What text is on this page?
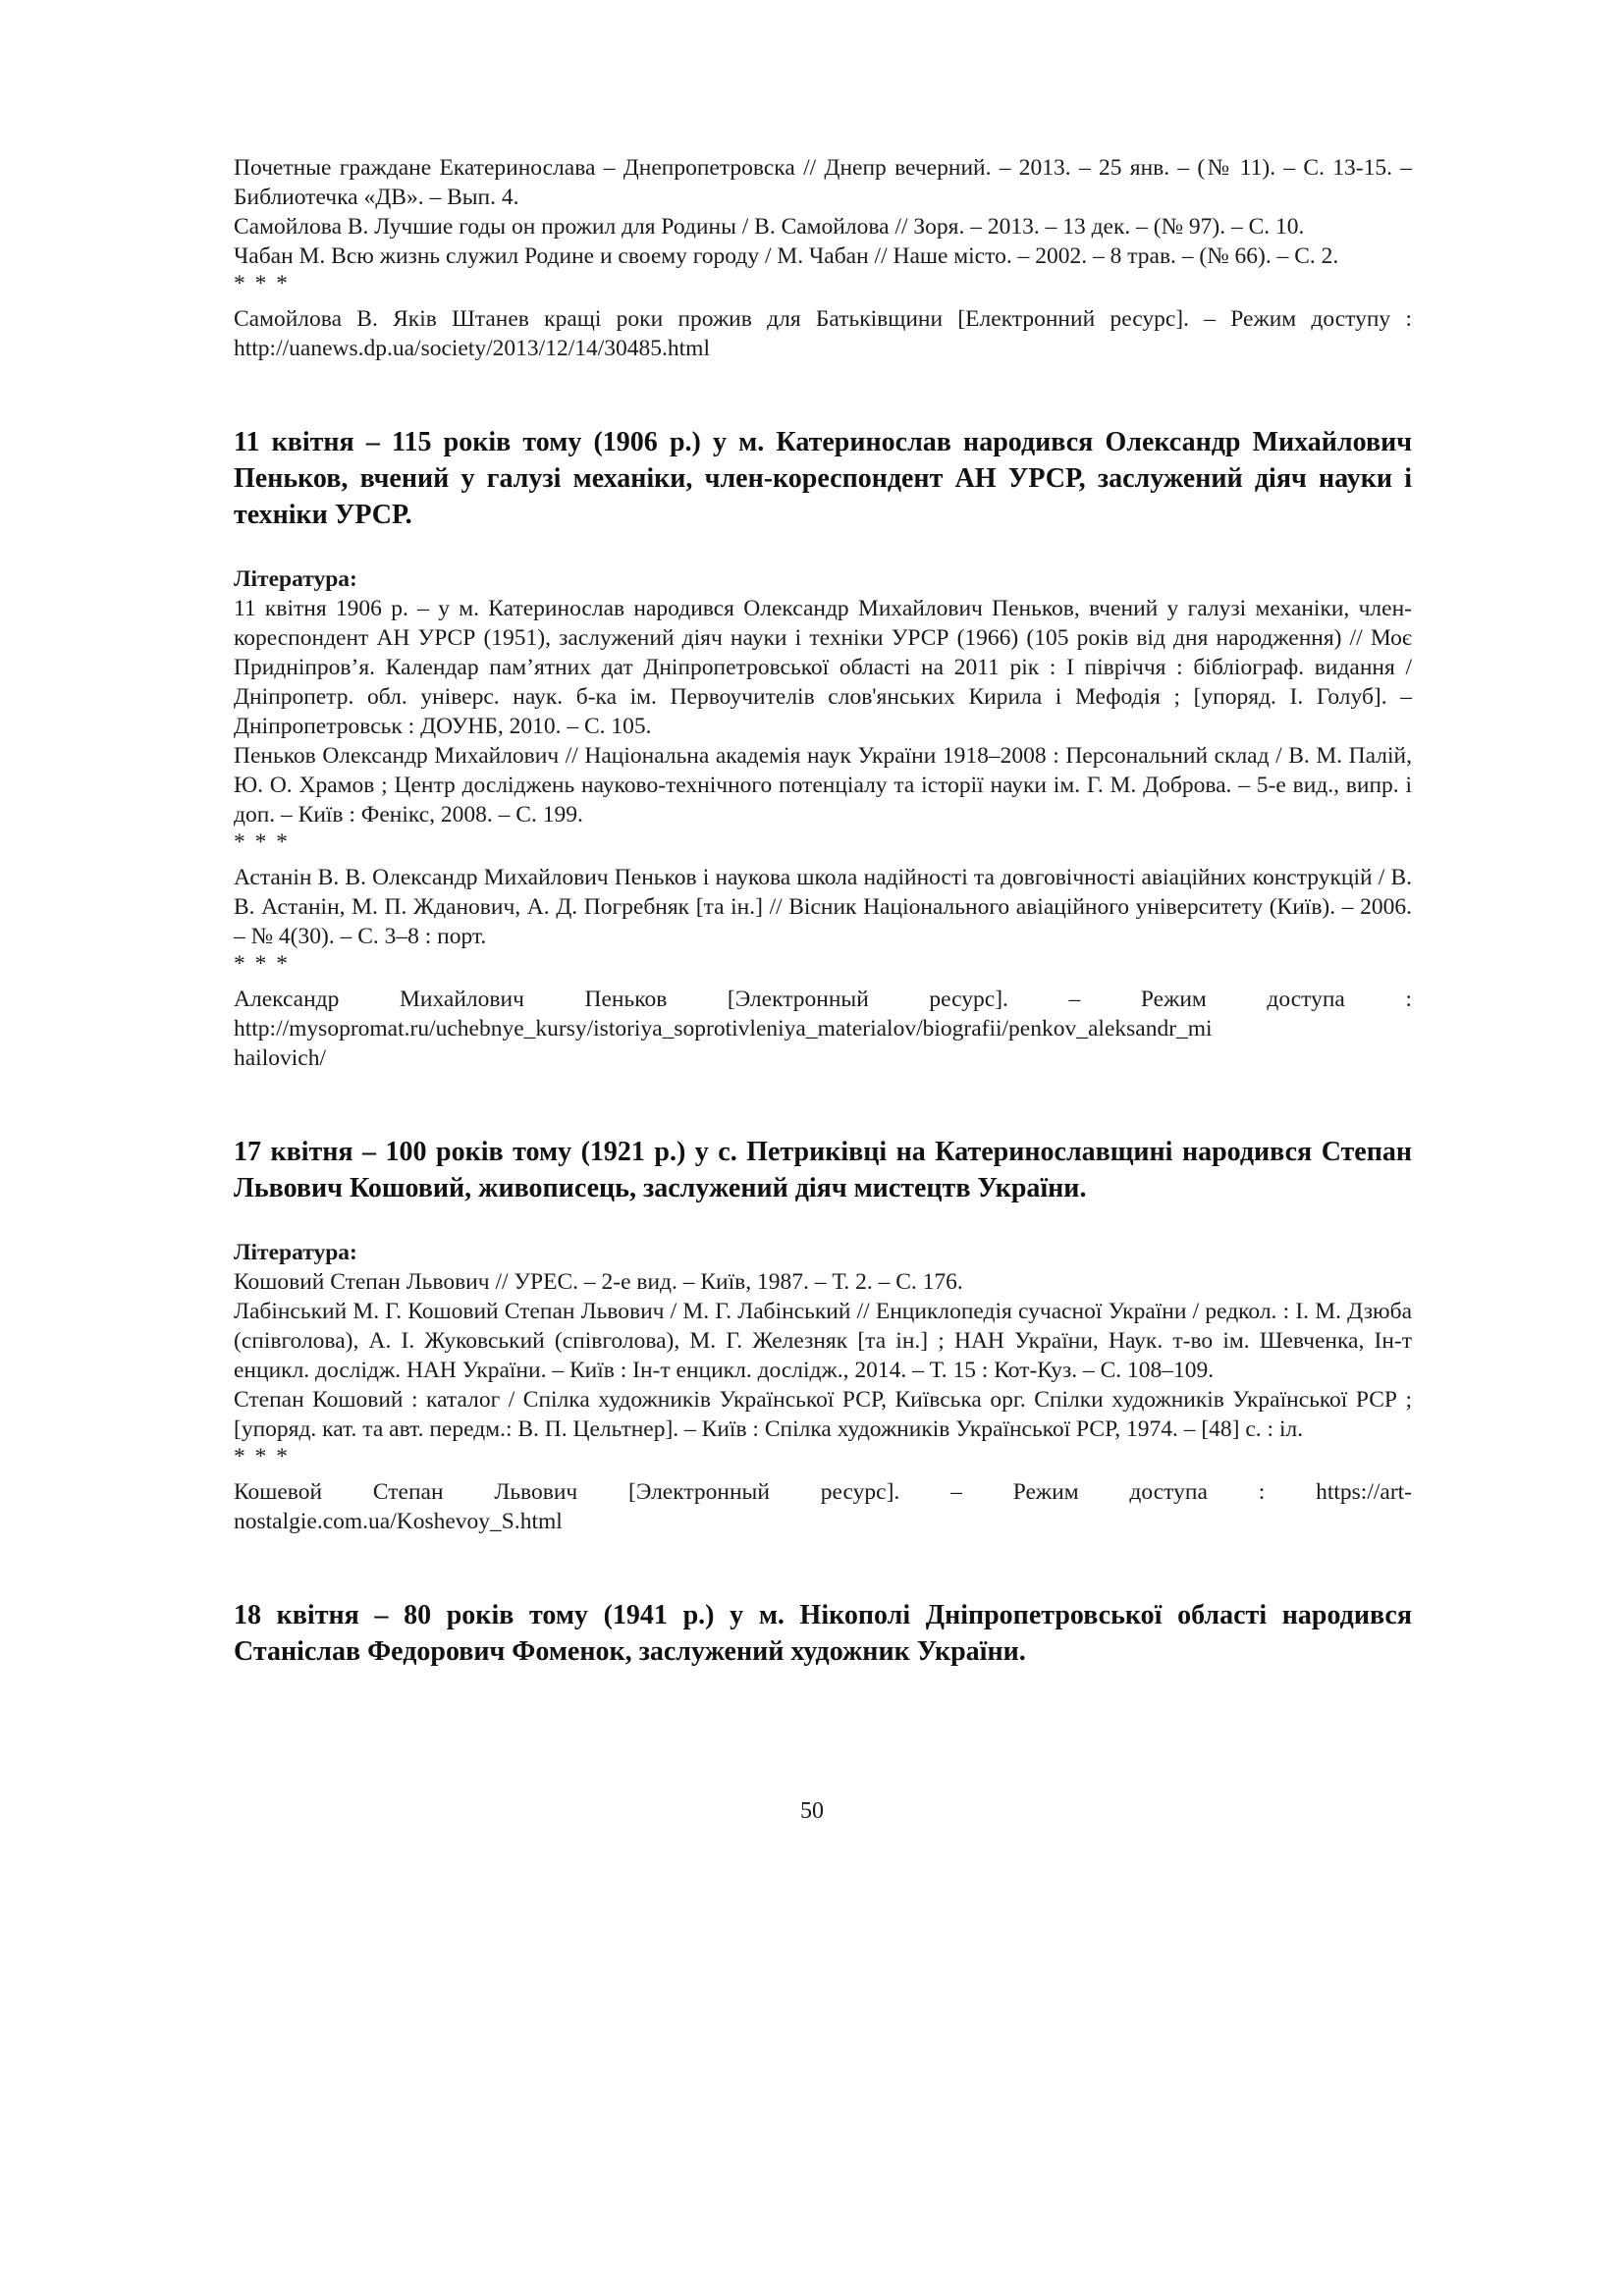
Почетные граждане Екатеринослава – Днепропетровска // Днепр вечерний. – 2013. – 25 янв. – (№ 11). – С. 13-15. – Библиотечка «ДВ». – Вып. 4.

Самойлова В. Лучшие годы он прожил для Родины / В. Самойлова // Зоря. – 2013. – 13 дек. – (№ 97). – С. 10.

Чабан М. Всю жизнь служил Родине и своему городу / М. Чабан // Наше місто. – 2002. – 8 трав. – (№ 66). – С. 2.

* * *

Самойлова В. Яків Штанев кращі роки прожив для Батьківщини [Електронний ресурс]. – Режим доступу : http://uanews.dp.ua/society/2013/12/14/30485.html

11 квітня – 115 років тому (1906 р.) у м. Катеринослав народився Олександр Михайлович Пеньков, вчений у галузі механіки, член-кореспондент АН УРСР, заслужений діяч науки і техніки УРСР.

Література:

11 квітня 1906 р. – у м. Катеринослав народився Олександр Михайлович Пеньков, вчений у галузі механіки, член-кореспондент АН УРСР (1951), заслужений діяч науки і техніки УРСР (1966) (105 років від дня народження) // Моє Придніпров’я. Календар пам’ятних дат Дніпропетровської області на 2011 рік : І півріччя : бібліограф. видання / Дніпропетр. обл. універс. наук. б-ка ім. Первоучителів слов'янських Кирила і Мефодія ; [упоряд. І. Голуб]. – Дніпропетровськ : ДОУНБ, 2010. – С. 105.

Пеньков Олександр Михайлович // Національна академія наук України 1918–2008 : Персональний склад / В. М. Палій, Ю. О. Храмов ; Центр досліджень науково-технічного потенціалу та історії науки ім. Г. М. Доброва. – 5-е вид., випр. і доп. – Київ : Фенікс, 2008. – С. 199.

* * *

Астанін В. В. Олександр Михайлович Пеньков і наукова школа надійності та довговічності авіаційних конструкцій / В. В. Астанін, М. П. Жданович, А. Д. Погребняк [та ін.] // Вісник Національного авіаційного університету (Київ). – 2006. – № 4(30). – С. 3–8 : порт.

* * *

Александр Михайлович Пеньков [Электронный ресурс]. – Режим доступа :

http://mysopromat.ru/uchebnye_kursy/istoriya_soprotivleniya_materialov/biografii/penkov_aleksandr_mi

hailovich/

17 квітня – 100 років тому (1921 р.) у с. Петриківці на Катеринославщині народився Степан Львович Кошовий, живописець, заслужений діяч мистецтв України.

Література:

Кошовий Степан Львович // УРЕС. – 2-е вид. – Київ, 1987. – Т. 2. – С. 176.

Лабінський М. Г. Кошовий Степан Львович / М. Г. Лабінський // Енциклопедія сучасної України / редкол. : І. М. Дзюба (співголова), А. І. Жуковський (співголова), М. Г. Железняк [та ін.] ; НАН України, Наук. т-во ім. Шевченка, Ін-т енцикл. дослідж. НАН України. – Київ : Ін-т енцикл. дослідж., 2014. – Т. 15 : Кот-Куз. – С. 108–109.

Степан Кошовий : каталог / Спілка художників Української РСР, Київська орг. Спілки художників Української РСР ; [упоряд. кат. та авт. передм.: В. П. Цельтнер]. – Київ : Спілка художників Української РСР, 1974. – [48] с. : іл.

* * *

Кошевой Степан Львович [Электронный ресурс]. – Режим доступа : https://art-

nostalgie.com.ua/Koshevoy_S.html

18 квітня – 80 років тому (1941 р.) у м. Нікополі Дніпропетровської області народився Станіслав Федорович Фоменок, заслужений художник України.

50
